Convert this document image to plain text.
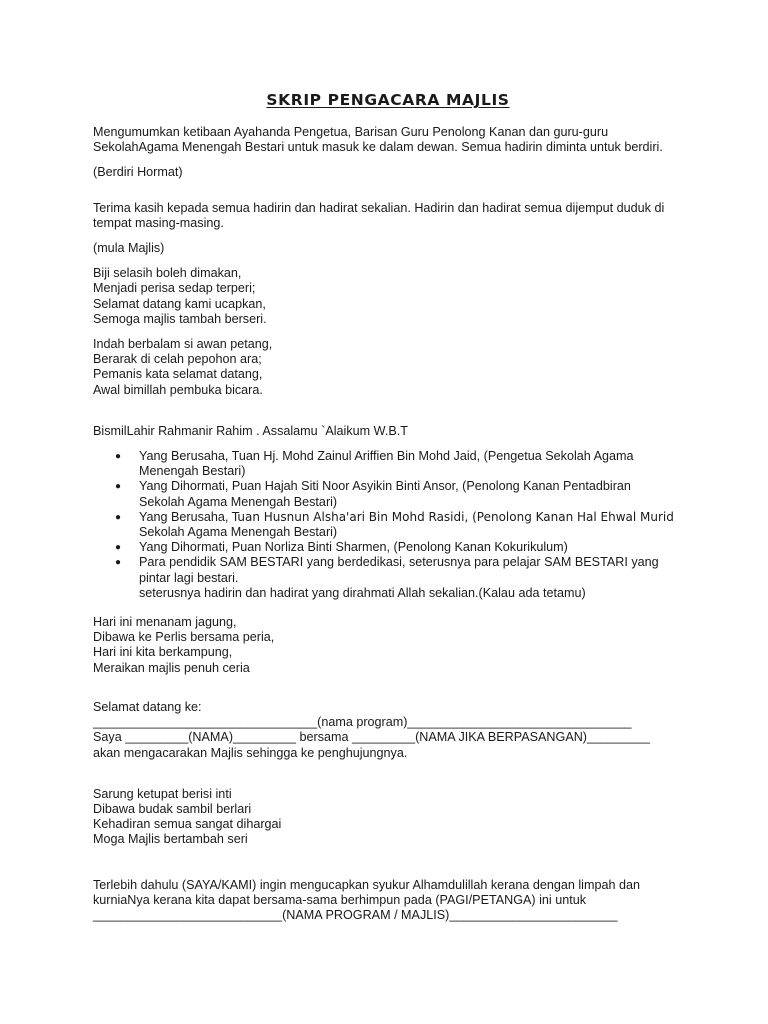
SKRIP PENGACARA MAJLIS

Mengumumkan ketibaan Ayahanda Pengetua, Barisan Guru Penolong Kanan dan guru-guru SekolahAgama Menengah Bestari untuk masuk ke dalam dewan. Semua hadirin diminta untuk berdiri.

(Berdiri Hormat)

Terima kasih kepada semua hadirin dan hadirat sekalian. Hadirin dan hadirat semua dijemput duduk di tempat masing-masing.

(mula Majlis)

Biji selasih boleh dimakan,
Menjadi perisa sedap terperi;
Selamat datang kami ucapkan,
Semoga majlis tambah berseri.

Indah berbalam si awan petang,
Berarak di celah pepohon ara;
Pemanis kata selamat datang,
Awal bimillah pembuka bicara.

BismilLahir Rahmanir Rahim . Assalamu `Alaikum W.B.T

● Yang Berusaha, Tuan Hj. Mohd Zainul Ariffien Bin Mohd Jaid, (Pengetua Sekolah Agama
Menengah Bestari)
● Yang Dihormati, Puan Hajah Siti Noor Asyikin Binti Ansor, (Penolong Kanan Pentadbiran
Sekolah Agama Menengah Bestari)
● Yang Berusaha, Tuan Husnun Alsha'ari Bin Mohd Rasidi, (Penolong Kanan Hal Ehwal Murid
Sekolah Agama Menengah Bestari)
● Yang Dihormati, Puan Norliza Binti Sharmen, (Penolong Kanan Kokurikulum)
● Para pendidik SAM BESTARI yang berdedikasi, seterusnya para pelajar SAM BESTARI yang
pintar lagi bestari.
seterusnya hadirin dan hadirat yang dirahmati Allah sekalian.(Kalau ada tetamu)

Hari ini menanam jagung,
Dibawa ke Perlis bersama peria,
Hari ini kita berkampung,
Meraikan majlis penuh ceria

Selamat datang ke:
________________________________(nama program)________________________________
Saya _________(NAMA)_________ bersama _________(NAMA JIKA BERPASANGAN)_________
akan mengacarakan Majlis sehingga ke penghujungnya.

Sarung ketupat berisi inti
Dibawa budak sambil berlari
Kehadiran semua sangat dihargai
Moga Majlis bertambah seri

Terlebih dahulu (SAYA/KAMI) ingin mengucapkan syukur Alhamdulillah kerana dengan limpah dan
kurniaNya kerana kita dapat bersama-sama berhimpun pada (PAGI/PETANGA) ini untuk
___________________________(NAMA PROGRAM / MAJLIS)________________________
